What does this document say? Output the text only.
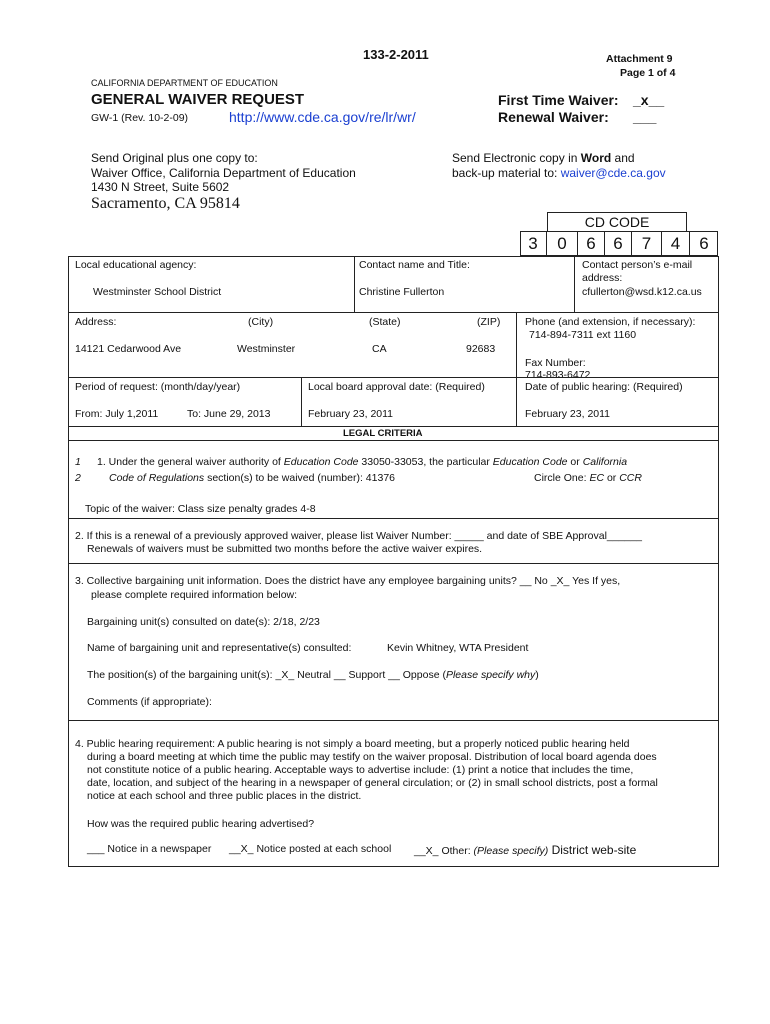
133-2-2011	Attachment 9
Page 1 of 4
CALIFORNIA DEPARTMENT OF EDUCATION
GENERAL WAIVER REQUEST
GW-1 (Rev. 10-2-09)	http://www.cde.ca.gov/re/lr/wr/
First Time Waiver: _x__
Renewal Waiver: ___
Send Original plus one copy to:
Waiver Office, California Department of Education
1430 N Street, Suite 5602
Sacramento, CA 95814
Send Electronic copy in Word and
back-up material to: waiver@cde.ca.gov
CD CODE
3	0	6	6	7	4	6
Local educational agency:
Westminster School District
Contact name and Title:
Christine Fullerton
Contact person’s e-mail
address:
cfullerton@wsd.k12.ca.us
Address:	(City)	(State)	(ZIP)
14121 Cedarwood Ave	Westminster	CA	92683
Phone (and extension, if necessary):
714-894-7311 ext 1160
Fax Number:
714-893-6472
Period of request: (month/day/year)
From: July 1,2011	To: June 29, 2013
Local board approval date: (Required)
February 23, 2011
Date of public hearing: (Required)
February 23, 2011
LEGAL CRITERIA
1
2
1. Under the general waiver authority of Education Code 33050-33053, the particular Education Code or California
Code of Regulations section(s) to be waived (number): 41376	Circle One: EC or CCR
Topic of the waiver: Class size penalty grades 4-8
2. If this is a renewal of a previously approved waiver, please list Waiver Number: _____ and date of SBE Approval______
Renewals of waivers must be submitted two months before the active waiver expires.
3. Collective bargaining unit information. Does the district have any employee bargaining units? __ No _X_ Yes If yes,
please complete required information below:
Bargaining unit(s) consulted on date(s): 2/18, 2/23
Name of bargaining unit and representative(s) consulted:	Kevin Whitney, WTA President
The position(s) of the bargaining unit(s): _X_ Neutral __ Support __ Oppose (Please specify why)
Comments (if appropriate):
4. Public hearing requirement: A public hearing is not simply a board meeting, but a properly noticed public hearing held
during a board meeting at which time the public may testify on the waiver proposal. Distribution of local board agenda does
not constitute notice of a public hearing. Acceptable ways to advertise include: (1) print a notice that includes the time,
date, location, and subject of the hearing in a newspaper of general circulation; or (2) in small school districts, post a formal
notice at each school and three public places in the district.
How was the required public hearing advertised?
___ Notice in a newspaper __X_ Notice posted at each school __X_ Other: (Please specify) District web-site
